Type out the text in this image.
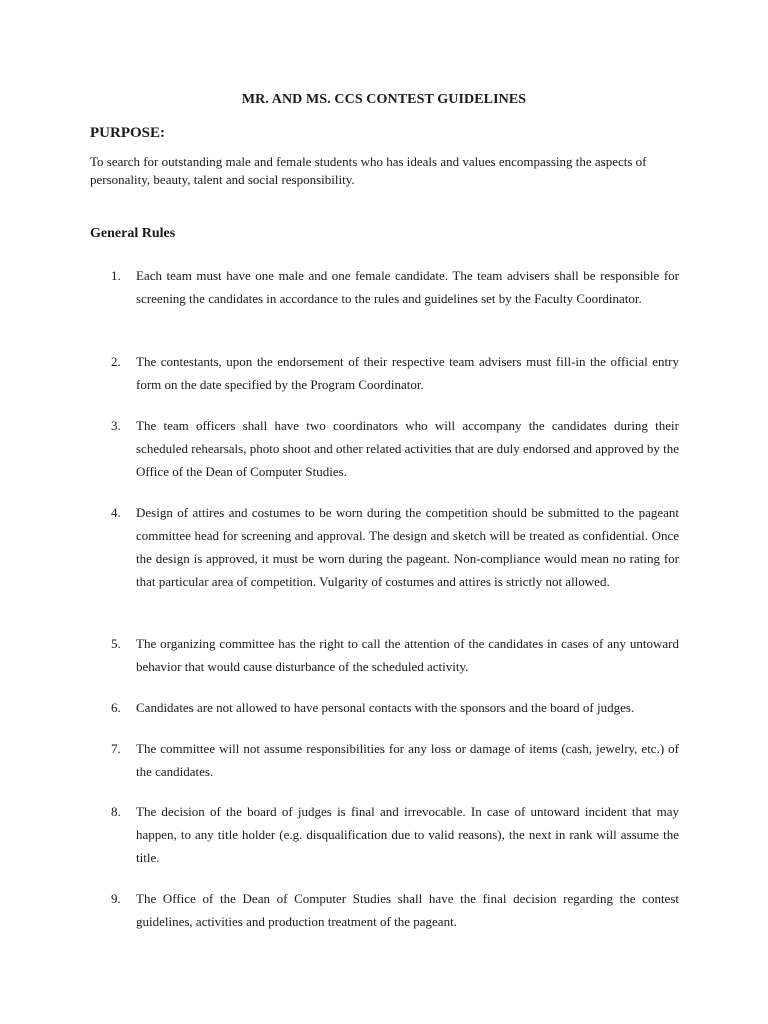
MR. AND MS. CCS CONTEST GUIDELINES
PURPOSE:
To search for outstanding male and female students who has ideals and values encompassing the aspects of personality, beauty, talent and social responsibility.
General Rules
1.	Each team must have one male and one female candidate. The team advisers shall be responsible for screening the candidates in accordance to the rules and guidelines set by the Faculty Coordinator.
2.	The contestants, upon the endorsement of their respective team advisers must fill-in the official entry form on the date specified by the Program Coordinator.
3.	The team officers shall have two coordinators who will accompany the candidates during their scheduled rehearsals, photo shoot and other related activities that are duly endorsed and approved by the Office of the Dean of Computer Studies.
4.	Design of attires and costumes to be worn during the competition should be submitted to the pageant committee head for screening and approval. The design and sketch will be treated as confidential. Once the design is approved, it must be worn during the pageant. Non-compliance would mean no rating for that particular area of competition. Vulgarity of costumes and attires is strictly not allowed.
5.	The organizing committee has the right to call the attention of the candidates in cases of any untoward behavior that would cause disturbance of the scheduled activity.
6.	Candidates are not allowed to have personal contacts with the sponsors and the board of judges.
7.	The committee will not assume responsibilities for any loss or damage of items (cash, jewelry, etc.) of the candidates.
8.	The decision of the board of judges is final and irrevocable. In case of untoward incident that may happen, to any title holder (e.g. disqualification due to valid reasons), the next in rank will assume the title.
9.	The Office of the Dean of Computer Studies shall have the final decision regarding the contest guidelines, activities and production treatment of the pageant.
